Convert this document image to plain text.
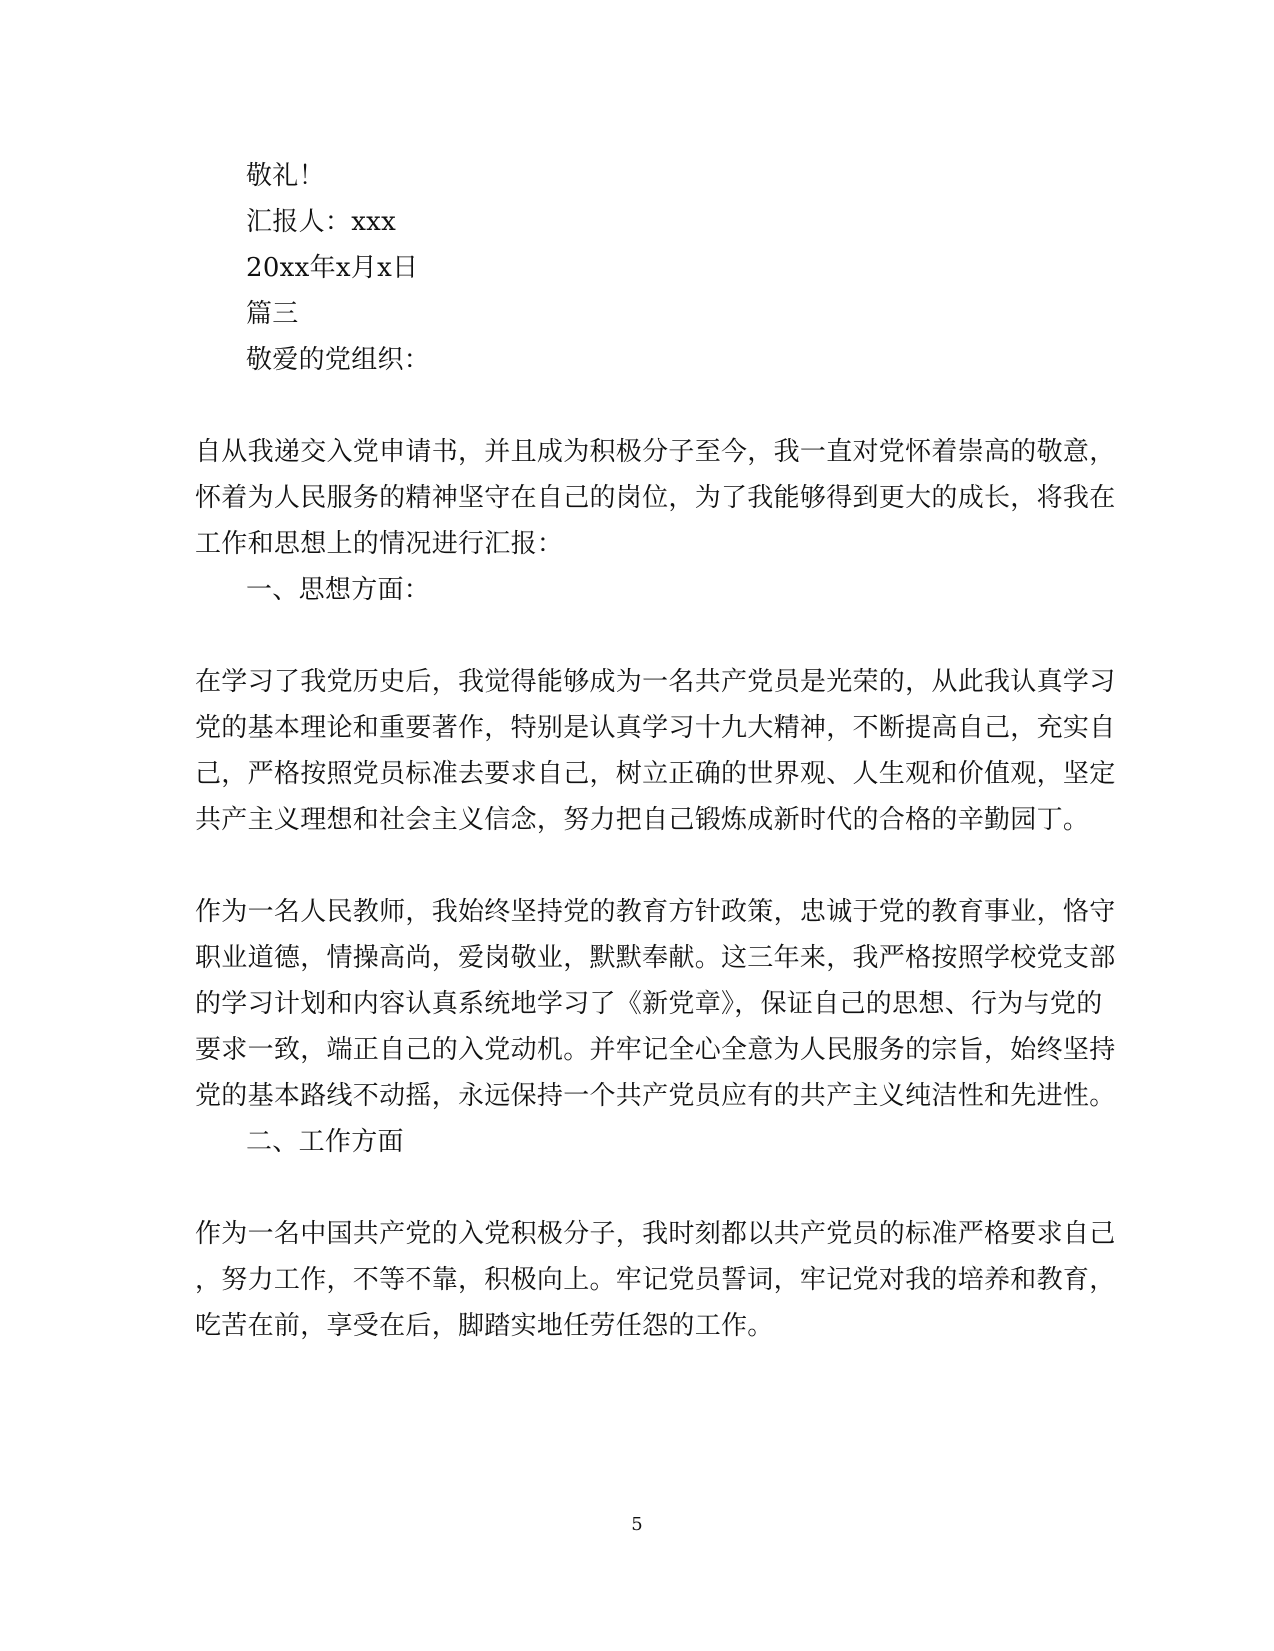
敬礼！
汇报人：xxx
20xx年x月x日
篇三
敬爱的党组织：
自从我递交入党申请书，并且成为积极分子至今，我一直对党怀着崇高的敬意，
怀着为人民服务的精神坚守在自己的岗位，为了我能够得到更大的成长，将我在
工作和思想上的情况进行汇报：
一、思想方面：
在学习了我党历史后，我觉得能够成为一名共产党员是光荣的，从此我认真学习
党的基本理论和重要著作，特别是认真学习十九大精神，不断提高自己，充实自
己，严格按照党员标准去要求自己，树立正确的世界观、人生观和价值观，坚定
共产主义理想和社会主义信念，努力把自己锻炼成新时代的合格的辛勤园丁。
作为一名人民教师，我始终坚持党的教育方针政策，忠诚于党的教育事业，恪守
职业道德，情操高尚，爱岗敬业，默默奉献。这三年来，我严格按照学校党支部
的学习计划和内容认真系统地学习了《新党章》，保证自己的思想、行为与党的
要求一致，端正自己的入党动机。并牢记全心全意为人民服务的宗旨，始终坚持
党的基本路线不动摇，永远保持一个共产党员应有的共产主义纯洁性和先进性。
二、工作方面
作为一名中国共产党的入党积极分子，我时刻都以共产党员的标准严格要求自己
，努力工作，不等不靠，积极向上。牢记党员誓词，牢记党对我的培养和教育，
吃苦在前，享受在后，脚踏实地任劳任怨的工作。
5
